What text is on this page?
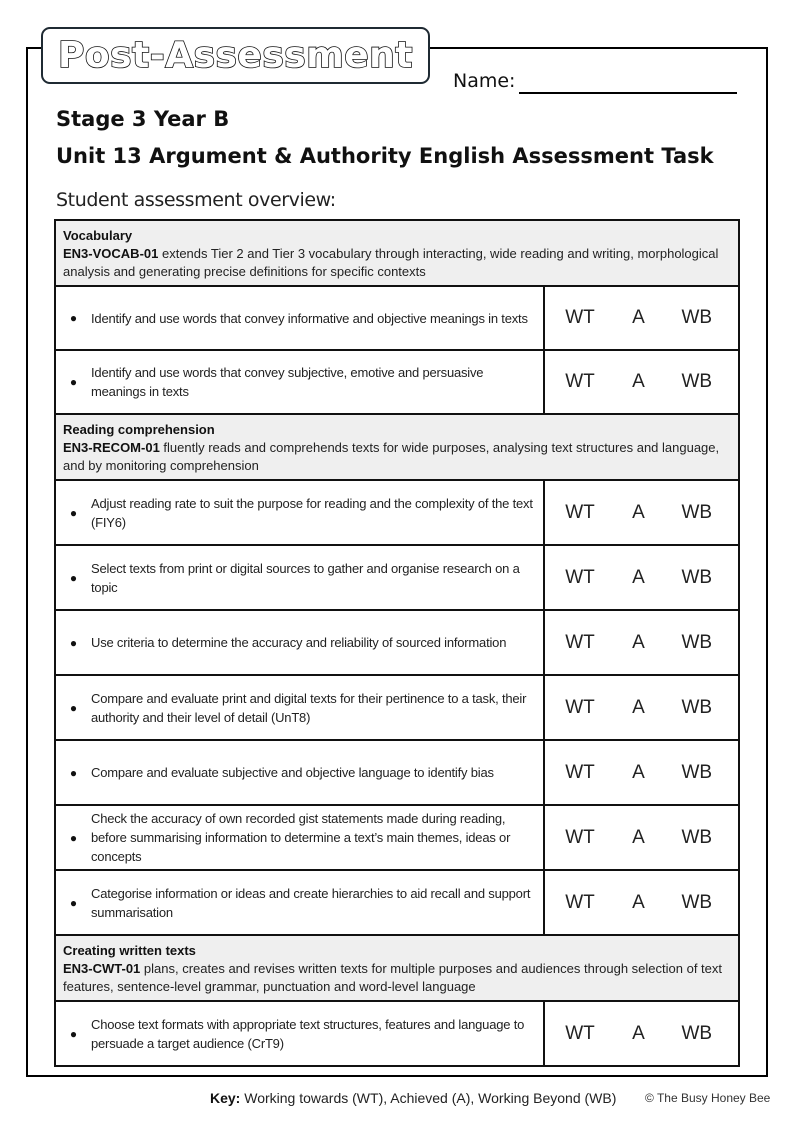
Post-Assessment
Name:
Stage 3 Year B
Unit 13 Argument & Authority English Assessment Task
Student assessment overview:
Vocabulary
EN3-VOCAB-01 extends Tier 2 and Tier 3 vocabulary through interacting, wide reading and writing, morphological analysis and generating precise definitions for specific contexts	

● Identify and use words that convey informative and objective meanings in texts	WT A WB

●
Identify and use words that convey subjective, emotive and persuasive meanings in texts	WT A WB

Reading comprehension
EN3-RECOM-01 fluently reads and comprehends texts for wide purposes, analysing text structures and language, and by monitoring comprehension	

●
Adjust reading rate to suit the purpose for reading and the complexity of the text (FIY6)	WT A WB

●
Select texts from print or digital sources to gather and organise research on a topic	WT A WB

● Use criteria to determine the accuracy and reliability of sourced information	WT A WB

●
Compare and evaluate print and digital texts for their pertinence to a task, their authority and their level of detail (UnT8)	WT A WB

● Compare and evaluate subjective and objective language to identify bias	WT A WB

●
Check the accuracy of own recorded gist statements made during reading, before summarising information to determine a text’s main themes, ideas or concepts	WT A WB

●
Categorise information or ideas and create hierarchies to aid recall and support summarisation	WT A WB

Creating written texts
EN3-CWT-01 plans, creates and revises written texts for multiple purposes and audiences through selection of text features, sentence-level grammar, punctuation and word-level language	

●
Choose text formats with appropriate text structures, features and language to persuade a target audience (CrT9)	WT A WB
Key: Working towards (WT), Achieved (A), Working Beyond (WB) © The Busy Honey Bee
